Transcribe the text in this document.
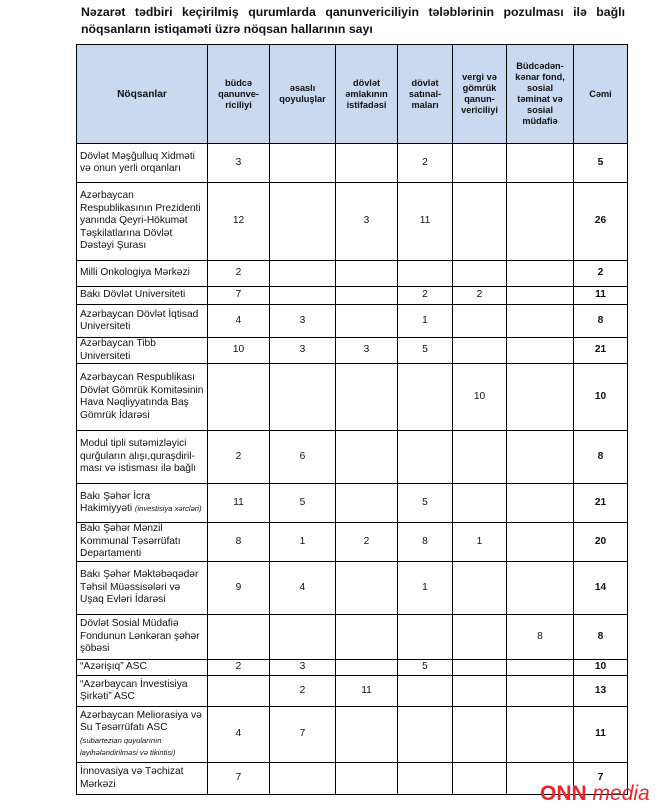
Nəzarət tədbiri keçirilmiş qurumlarda qanunvericiliyin tələblərinin pozulması ilə bağlı nöqsanların istiqaməti üzrə nöqsan hallarının sayı
Nöqsanlar	büdcə qanunve-riciliyi	əsaslı qoyuluşlar	dövlət əmlakının istifadəsi	dövlət satınal-maları	vergi və gömrük qanun-vericiliyi	Büdcədən-kənar fond, sosial təminat və sosial müdafiə	Cəmi
Dövlət Məşğulluq Xidməti və onun yerli orqanları	3			2			5
Azərbaycan Respublikasının Prezidenti yanında Qeyri-Hökumət Təşkilatlarına Dövlət Dəstəyi Şurası	12		3	11			26
Milli Onkologiya Mərkəzi	2						2
Bakı Dövlət Universiteti	7			2	2		11
Azərbaycan Dövlət İqtisad Universiteti	4	3		1			8
Azərbaycan Tibb Universiteti	10	3	3	5			21
Azərbaycan Respublikası Dövlət Gömrük Komitəsinin Hava Nəqliyyatında Baş Gömrük İdarəsi					10		10
Modul tipli sutəmizləyici qurğuların alışı,quraşdiril-ması və istisması ilə bağlı	2	6					8
Bakı Şəhər İcra Hakimiyyəti (investisiya xərcləri)	11	5		5			21
Bakı Şəhər Mənzil Kommunal Təsərrüfatı Departamenti	8	1	2	8	1		20
Bakı Şəhər Məktəbəqədər Təhsil Müəssisələri və Uşaq Evləri İdarəsi	9	4		1			14
Dövlət Sosial Müdafiə Fondunun Lənkəran şəhər şöbəsi						8	8
“Azərişıq” ASC	2	3		5			10
“Azərbaycan İnvestisiya Şirkəti” ASC		2	11				13
Azərbaycan Meliorasiya və Su Təsərrüfatı ASC (subartezian quyularının layihələndirilməsi və tikintisi)	4	7					11
İnnovasiya və Təchizat Mərkəzi	7						7
ONN media
